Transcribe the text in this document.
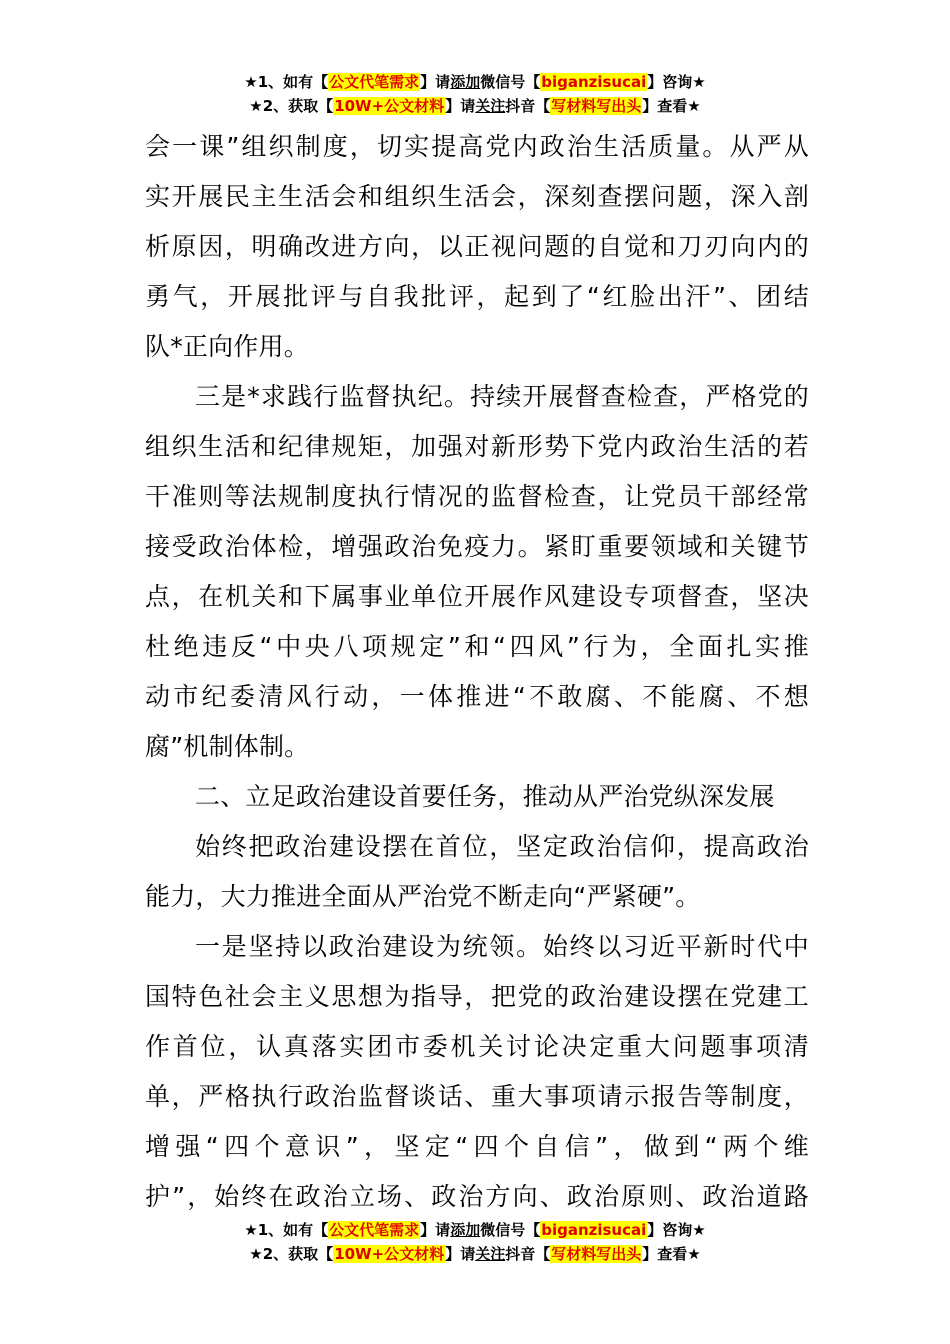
★1、如有【公文代笔需求】请添加微信号【biganzisucai】咨询★
★2、获取【10W+公文材料】请关注抖音【写材料写出头】查看★
会一课”组织制度，切实提高党内政治生活质量。从严从
实开展民主生活会和组织生活会，深刻查摆问题，深入剖
析原因，明确改进方向，以正视问题的自觉和刀刃向内的
勇气，开展批评与自我批评，起到了“红脸出汗”、团结
队*正向作用。
三是*求践行监督执纪。持续开展督查检查，严格党的
组织生活和纪律规矩，加强对新形势下党内政治生活的若
干准则等法规制度执行情况的监督检查，让党员干部经常
接受政治体检，增强政治免疫力。紧盯重要领域和关键节
点，在机关和下属事业单位开展作风建设专项督查，坚决
杜绝违反“中央八项规定”和“四风”行为，全面扎实推
动市纪委清风行动，一体推进“不敢腐、不能腐、不想
腐”机制体制。
二、立足政治建设首要任务，推动从严治党纵深发展
始终把政治建设摆在首位，坚定政治信仰，提高政治
能力，大力推进全面从严治党不断走向“严紧硬”。
一是坚持以政治建设为统领。始终以习近平新时代中
国特色社会主义思想为指导，把党的政治建设摆在党建工
作首位，认真落实团市委机关讨论决定重大问题事项清
单，严格执行政治监督谈话、重大事项请示报告等制度，
增强“四个意识”，坚定“四个自信”，做到“两个维
护”，始终在政治立场、政治方向、政治原则、政治道路
★1、如有【公文代笔需求】请添加微信号【biganzisucai】咨询★
★2、获取【10W+公文材料】请关注抖音【写材料写出头】查看★
